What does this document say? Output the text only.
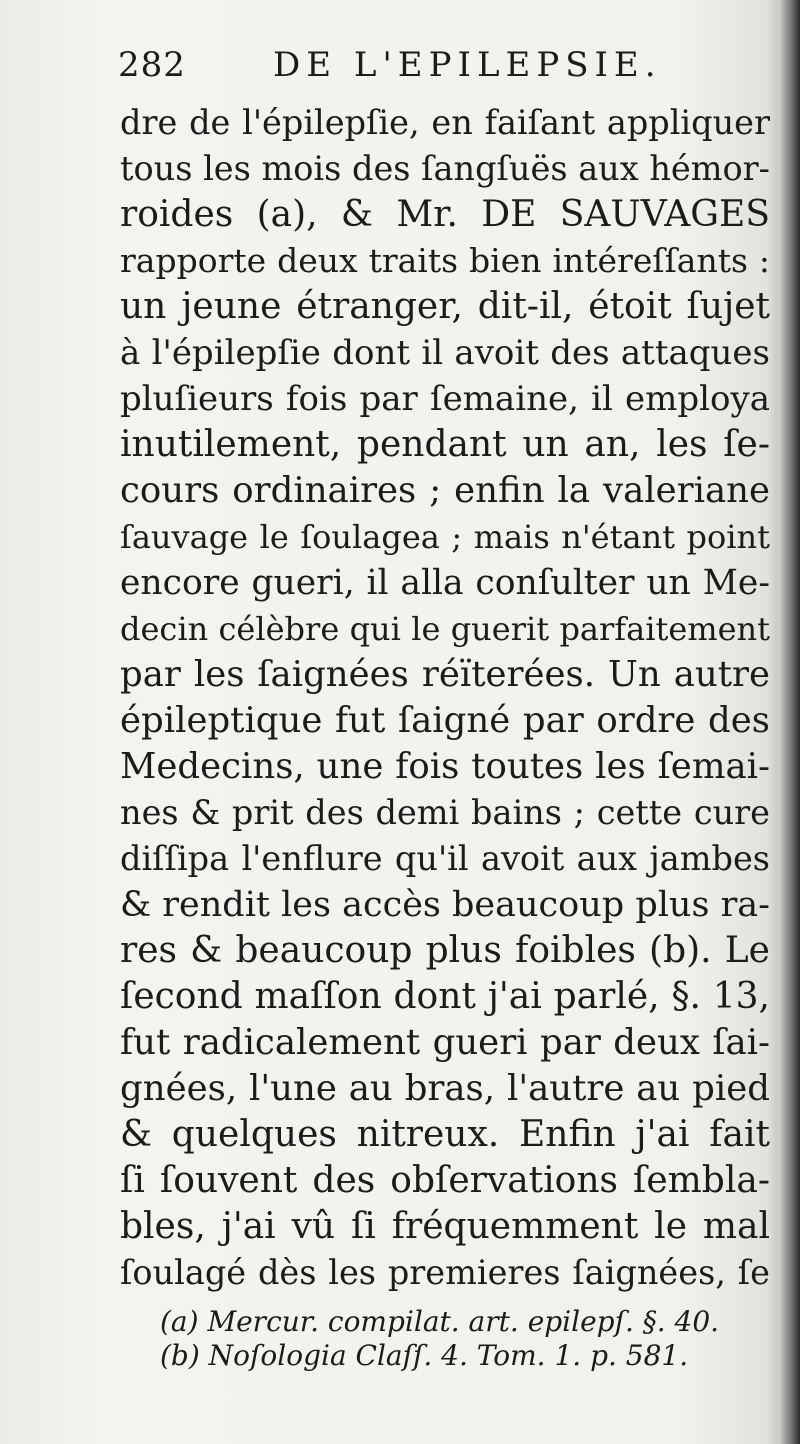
282	DE L'EPILEPSIE.
dre de l'épilepſie, en faiſant appliquer
tous les mois des ſangſuës aux hémor-
roides (a), & Mr. DE SAUVAGES
rapporte deux traits bien intéreſſants :
un jeune étranger, dit-il, étoit ſujet
à l'épilepſie dont il avoit des attaques
pluſieurs fois par ſemaine, il employa
inutilement, pendant un an, les ſe-
cours ordinaires ; enfin la valeriane
ſauvage le ſoulagea ; mais n'étant point
encore gueri, il alla conſulter un Me-
decin célèbre qui le guerit parfaitement
par les ſaignées réïterées. Un autre
épileptique fut ſaigné par ordre des
Medecins, une fois toutes les ſemai-
nes & prit des demi bains ; cette cure
diſſipa l'enflure qu'il avoit aux jambes
& rendit les accès beaucoup plus ra-
res & beaucoup plus foibles (b). Le
ſecond maſſon dont j'ai parlé, §. 13,
fut radicalement gueri par deux ſai-
gnées, l'une au bras, l'autre au pied
& quelques nitreux. Enfin j'ai fait
ſi ſouvent des obſervations ſembla-
bles, j'ai vû ſi fréquemment le mal
ſoulagé dès les premieres ſaignées, ſe
(a) Mercur. compilat. art. epilepſ. §. 40.
(b) Noſologia Claſſ. 4. Tom. 1. p. 581.
